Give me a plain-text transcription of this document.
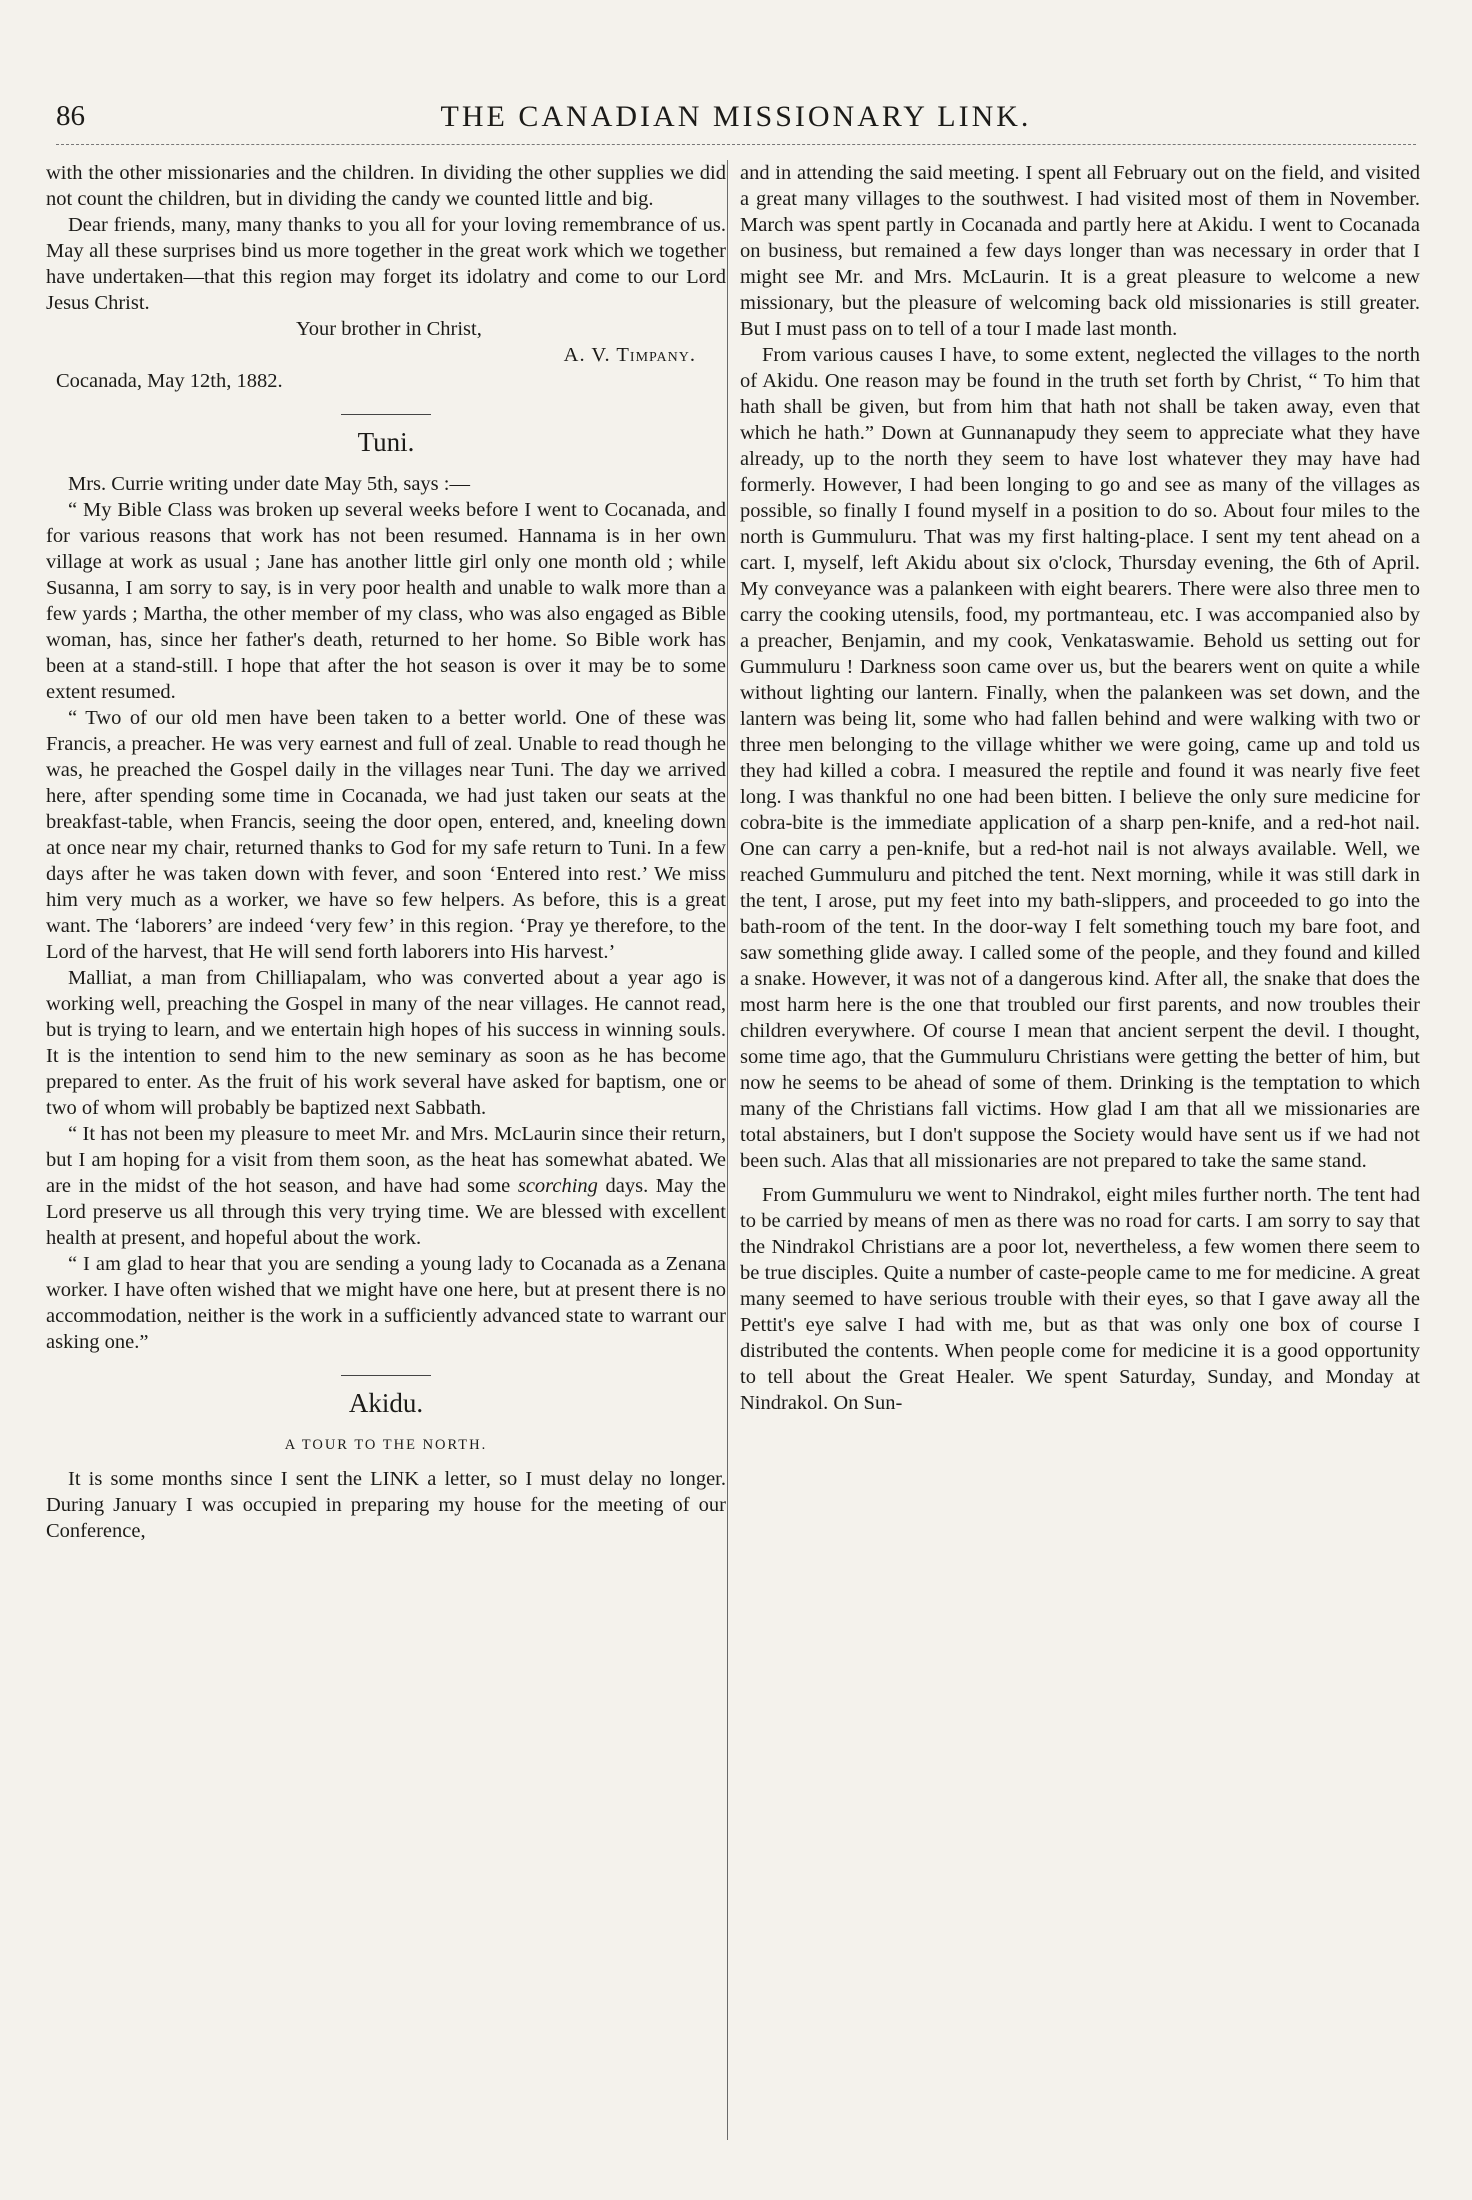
86	THE CANADIAN MISSIONARY LINK.

with the other missionaries and the children. In dividing the other supplies we did not count the children, but in dividing the candy we counted little and big.

Dear friends, many, many thanks to you all for your loving remembrance of us. May all these surprises bind us more together in the great work which we together have undertaken—that this region may forget its idolatry and come to our Lord Jesus Christ.

Your brother in Christ,

A. V. Timpany.

Cocanada, May 12th, 1882.

Tuni.

Mrs. Currie writing under date May 5th, says :—

“ My Bible Class was broken up several weeks before I went to Cocanada, and for various reasons that work has not been resumed. Hannama is in her own village at work as usual ; Jane has another little girl only one month old ; while Susanna, I am sorry to say, is in very poor health and unable to walk more than a few yards ; Martha, the other member of my class, who was also engaged as Bible woman, has, since her father's death, returned to her home. So Bible work has been at a stand-still. I hope that after the hot season is over it may be to some extent resumed.

“ Two of our old men have been taken to a better world. One of these was Francis, a preacher. He was very earnest and full of zeal. Unable to read though he was, he preached the Gospel daily in the villages near Tuni. The day we arrived here, after spending some time in Cocanada, we had just taken our seats at the breakfast-table, when Francis, seeing the door open, entered, and, kneeling down at once near my chair, returned thanks to God for my safe return to Tuni. In a few days after he was taken down with fever, and soon ‘Entered into rest.’ We miss him very much as a worker, we have so few helpers. As before, this is a great want. The ‘laborers’ are indeed ‘very few’ in this region. ‘Pray ye therefore, to the Lord of the harvest, that He will send forth laborers into His harvest.’

Malliat, a man from Chilliapalam, who was converted about a year ago is working well, preaching the Gospel in many of the near villages. He cannot read, but is trying to learn, and we entertain high hopes of his success in winning souls. It is the intention to send him to the new seminary as soon as he has become prepared to enter. As the fruit of his work several have asked for baptism, one or two of whom will probably be baptized next Sabbath.

“ It has not been my pleasure to meet Mr. and Mrs. McLaurin since their return, but I am hoping for a visit from them soon, as the heat has somewhat abated. We are in the midst of the hot season, and have had some scorching days. May the Lord preserve us all through this very trying time. We are blessed with excellent health at present, and hopeful about the work.

“ I am glad to hear that you are sending a young lady to Cocanada as a Zenana worker. I have often wished that we might have one here, but at present there is no accommodation, neither is the work in a sufficiently advanced state to warrant our asking one.”

Akidu.
A TOUR TO THE NORTH.

It is some months since I sent the LINK a letter, so I must delay no longer. During January I was occupied in preparing my house for the meeting of our Conference,

and in attending the said meeting. I spent all February out on the field, and visited a great many villages to the southwest. I had visited most of them in November. March was spent partly in Cocanada and partly here at Akidu. I went to Cocanada on business, but remained a few days longer than was necessary in order that I might see Mr. and Mrs. McLaurin. It is a great pleasure to welcome a new missionary, but the pleasure of welcoming back old missionaries is still greater. But I must pass on to tell of a tour I made last month.

From various causes I have, to some extent, neglected the villages to the north of Akidu. One reason may be found in the truth set forth by Christ, “ To him that hath shall be given, but from him that hath not shall be taken away, even that which he hath.” Down at Gunnanapudy they seem to appreciate what they have already, up to the north they seem to have lost whatever they may have had formerly. However, I had been longing to go and see as many of the villages as possible, so finally I found myself in a position to do so. About four miles to the north is Gummuluru. That was my first halting-place. I sent my tent ahead on a cart. I, myself, left Akidu about six o'clock, Thursday evening, the 6th of April. My conveyance was a palankeen with eight bearers. There were also three men to carry the cooking utensils, food, my portmanteau, etc. I was accompanied also by a preacher, Benjamin, and my cook, Venkataswamie. Behold us setting out for Gummuluru ! Darkness soon came over us, but the bearers went on quite a while without lighting our lantern. Finally, when the palankeen was set down, and the lantern was being lit, some who had fallen behind and were walking with two or three men belonging to the village whither we were going, came up and told us they had killed a cobra. I measured the reptile and found it was nearly five feet long. I was thankful no one had been bitten. I believe the only sure medicine for cobra-bite is the immediate application of a sharp pen-knife, and a red-hot nail. One can carry a pen-knife, but a red-hot nail is not always available. Well, we reached Gummuluru and pitched the tent. Next morning, while it was still dark in the tent, I arose, put my feet into my bath-slippers, and proceeded to go into the bath-room of the tent. In the door-way I felt something touch my bare foot, and saw something glide away. I called some of the people, and they found and killed a snake. However, it was not of a dangerous kind. After all, the snake that does the most harm here is the one that troubled our first parents, and now troubles their children everywhere. Of course I mean that ancient serpent the devil. I thought, some time ago, that the Gummuluru Christians were getting the better of him, but now he seems to be ahead of some of them. Drinking is the temptation to which many of the Christians fall victims. How glad I am that all we missionaries are total abstainers, but I don't suppose the Society would have sent us if we had not been such. Alas that all missionaries are not prepared to take the same stand.

From Gummuluru we went to Nindrakol, eight miles further north. The tent had to be carried by means of men as there was no road for carts. I am sorry to say that the Nindrakol Christians are a poor lot, nevertheless, a few women there seem to be true disciples. Quite a number of caste-people came to me for medicine. A great many seemed to have serious trouble with their eyes, so that I gave away all the Pettit's eye salve I had with me, but as that was only one box of course I distributed the contents. When people come for medicine it is a good opportunity to tell about the Great Healer. We spent Saturday, Sunday, and Monday at Nindrakol. On Sun-
